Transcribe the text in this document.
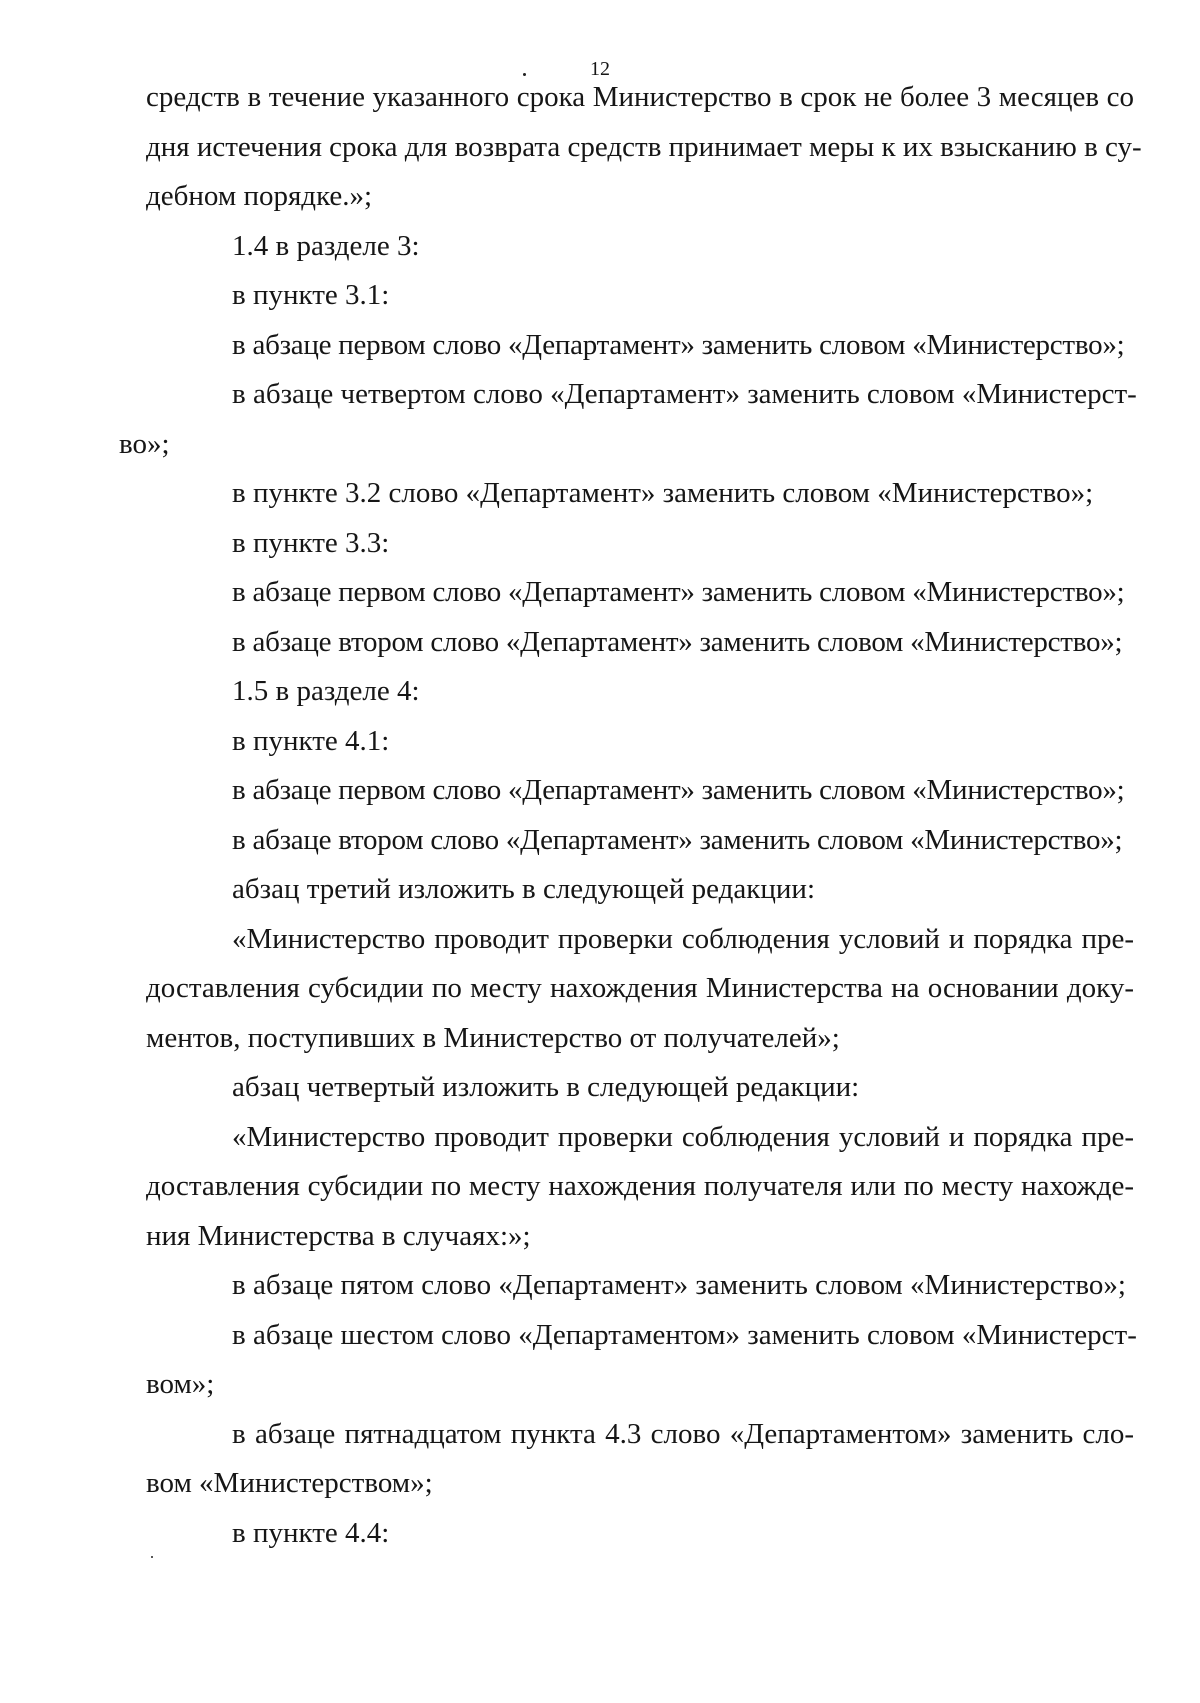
12

средств в течение указанного срока Министерство в срок не более 3 месяцев со

дня истечения срока для возврата средств принимает меры к их взысканию в су-

дебном порядке.»;

1.4 в разделе 3:

в пункте 3.1:

в абзаце первом слово «Департамент» заменить словом «Министерство»;

в абзаце четвертом слово «Департамент» заменить словом «Министерст-

во»;

в пункте 3.2 слово «Департамент» заменить словом «Министерство»;

в пункте 3.3:

в абзаце первом слово «Департамент» заменить словом «Министерство»;

в абзаце втором слово «Департамент» заменить словом «Министерство»;

1.5 в разделе 4:

в пункте 4.1:

в абзаце первом слово «Департамент» заменить словом «Министерство»;

в абзаце втором слово «Департамент» заменить словом «Министерство»;

абзац третий изложить в следующей редакции:

«Министерство проводит проверки соблюдения условий и порядка пре-

доставления субсидии по месту нахождения Министерства на основании доку-

ментов, поступивших в Министерство от получателей»;

абзац четвертый изложить в следующей редакции:

«Министерство проводит проверки соблюдения условий и порядка пре-

доставления субсидии по месту нахождения получателя или по месту нахожде-

ния Министерства в случаях:»;

в абзаце пятом слово «Департамент» заменить словом «Министерство»;

в абзаце шестом слово «Департаментом» заменить словом «Министерст-

вом»;

в абзаце пятнадцатом пункта 4.3 слово «Департаментом» заменить сло-

вом «Министерством»;

в пункте 4.4:
